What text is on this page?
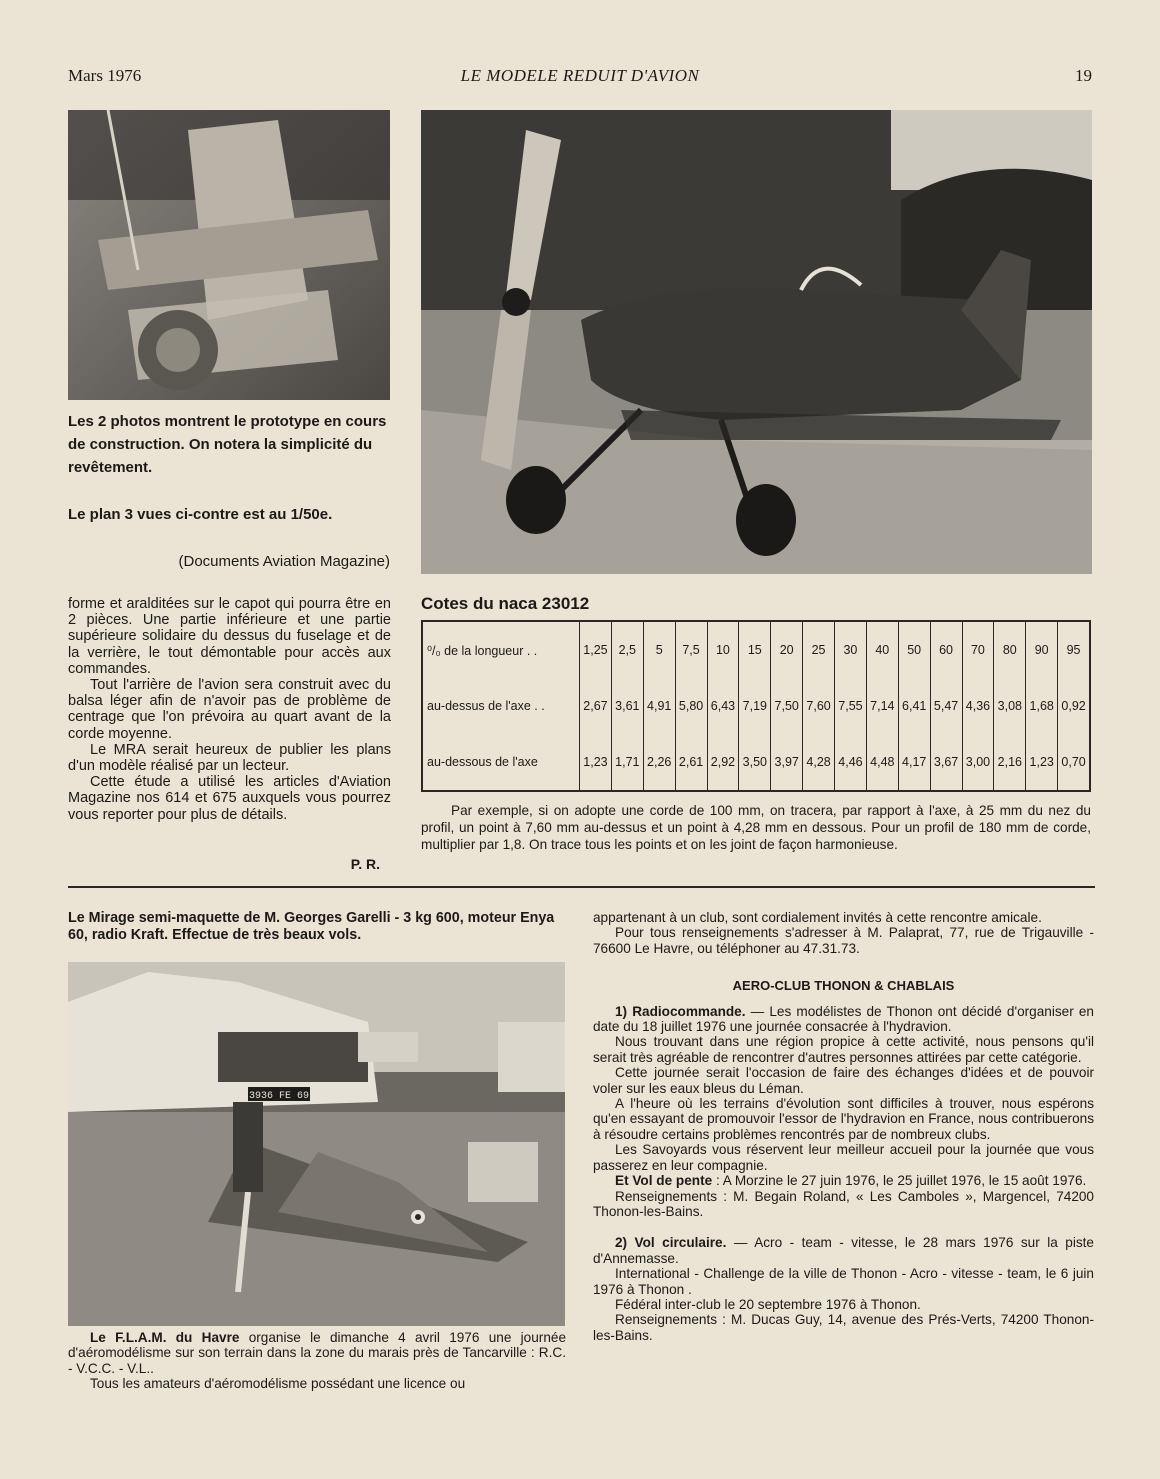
Mars 1976	LE MODELE REDUIT D'AVION	19
Les 2 photos montrent le prototype en cours de construction. On notera la simplicité du revêtement.
Le plan 3 vues ci-contre est au 1/50e.
(Documents Aviation Magazine)

forme et aralditées sur le capot qui pourra être en 2 pièces. Une partie inférieure et une partie supérieure solidaire du dessus du fuselage et de la verrière, le tout démontable pour accès aux commandes.

Tout l'arrière de l'avion sera construit avec du balsa léger afin de n'avoir pas de problème de centrage que l'on prévoira au quart avant de la corde moyenne.

Le MRA serait heureux de publier les plans d'un modèle réalisé par un lecteur.

Cette étude a utilisé les articles d'Aviation Magazine nos 614 et 675 auxquels vous pourrez vous reporter pour plus de détails.

P. R.
Cotes du naca 23012
⁰/₀ de la longueur . .	1,25	2,5	5	7,5	10	15	20	25	30	40	50	60	70	80	90	95
au-dessus de l'axe . .	2,67	3,61	4,91	5,80	6,43	7,19	7,50	7,60	7,55	7,14	6,41	5,47	4,36	3,08	1,68	0,92
au-dessous de l'axe	1,23	1,71	2,26	2,61	2,92	3,50	3,97	4,28	4,46	4,48	4,17	3,67	3,00	2,16	1,23	0,70
Par exemple, si on adopte une corde de 100 mm, on tracera, par rapport à l'axe, à 25 mm du nez du profil, un point à 7,60 mm au-dessus et un point à 4,28 mm en dessous. Pour un profil de 180 mm de corde, multiplier par 1,8. On trace tous les points et on les joint de façon harmonieuse.
Le Mirage semi-maquette de M. Georges Garelli - 3 kg 600, moteur Enya 60, radio Kraft. Effectue de très beaux vols.
3936 FE 69

Le F.L.A.M. du Havre organise le dimanche 4 avril 1976 une journée d'aéromodélisme sur son terrain dans la zone du marais près de Tancarville : R.C. - V.C.C. - V.L..

Tous les amateurs d'aéromodélisme possédant une licence ou

appartenant à un club, sont cordialement invités à cette rencontre amicale.

Pour tous renseignements s'adresser à M. Palaprat, 77, rue de Trigauville - 76600 Le Havre, ou téléphoner au 47.31.73.

AERO-CLUB THONON & CHABLAIS

1) Radiocommande. — Les modélistes de Thonon ont décidé d'organiser en date du 18 juillet 1976 une journée consacrée à l'hydravion.

Nous trouvant dans une région propice à cette activité, nous pensons qu'il serait très agréable de rencontrer d'autres personnes attirées par cette catégorie.

Cette journée serait l'occasion de faire des échanges d'idées et de pouvoir voler sur les eaux bleus du Léman.

A l'heure où les terrains d'évolution sont difficiles à trouver, nous espérons qu'en essayant de promouvoir l'essor de l'hydravion en France, nous contribuerons à résoudre certains problèmes rencontrés par de nombreux clubs.

Les Savoyards vous réservent leur meilleur accueil pour la journée que vous passerez en leur compagnie.

Et Vol de pente : A Morzine le 27 juin 1976, le 25 juillet 1976, le 15 août 1976.

Renseignements : M. Begain Roland, « Les Camboles », Margencel, 74200 Thonon-les-Bains.

2) Vol circulaire. — Acro - team - vitesse, le 28 mars 1976 sur la piste d'Annemasse.

International - Challenge de la ville de Thonon - Acro - vitesse - team, le 6 juin 1976 à Thonon .

Fédéral inter-club le 20 septembre 1976 à Thonon.

Renseignements : M. Ducas Guy, 14, avenue des Prés-Verts, 74200 Thonon-les-Bains.
